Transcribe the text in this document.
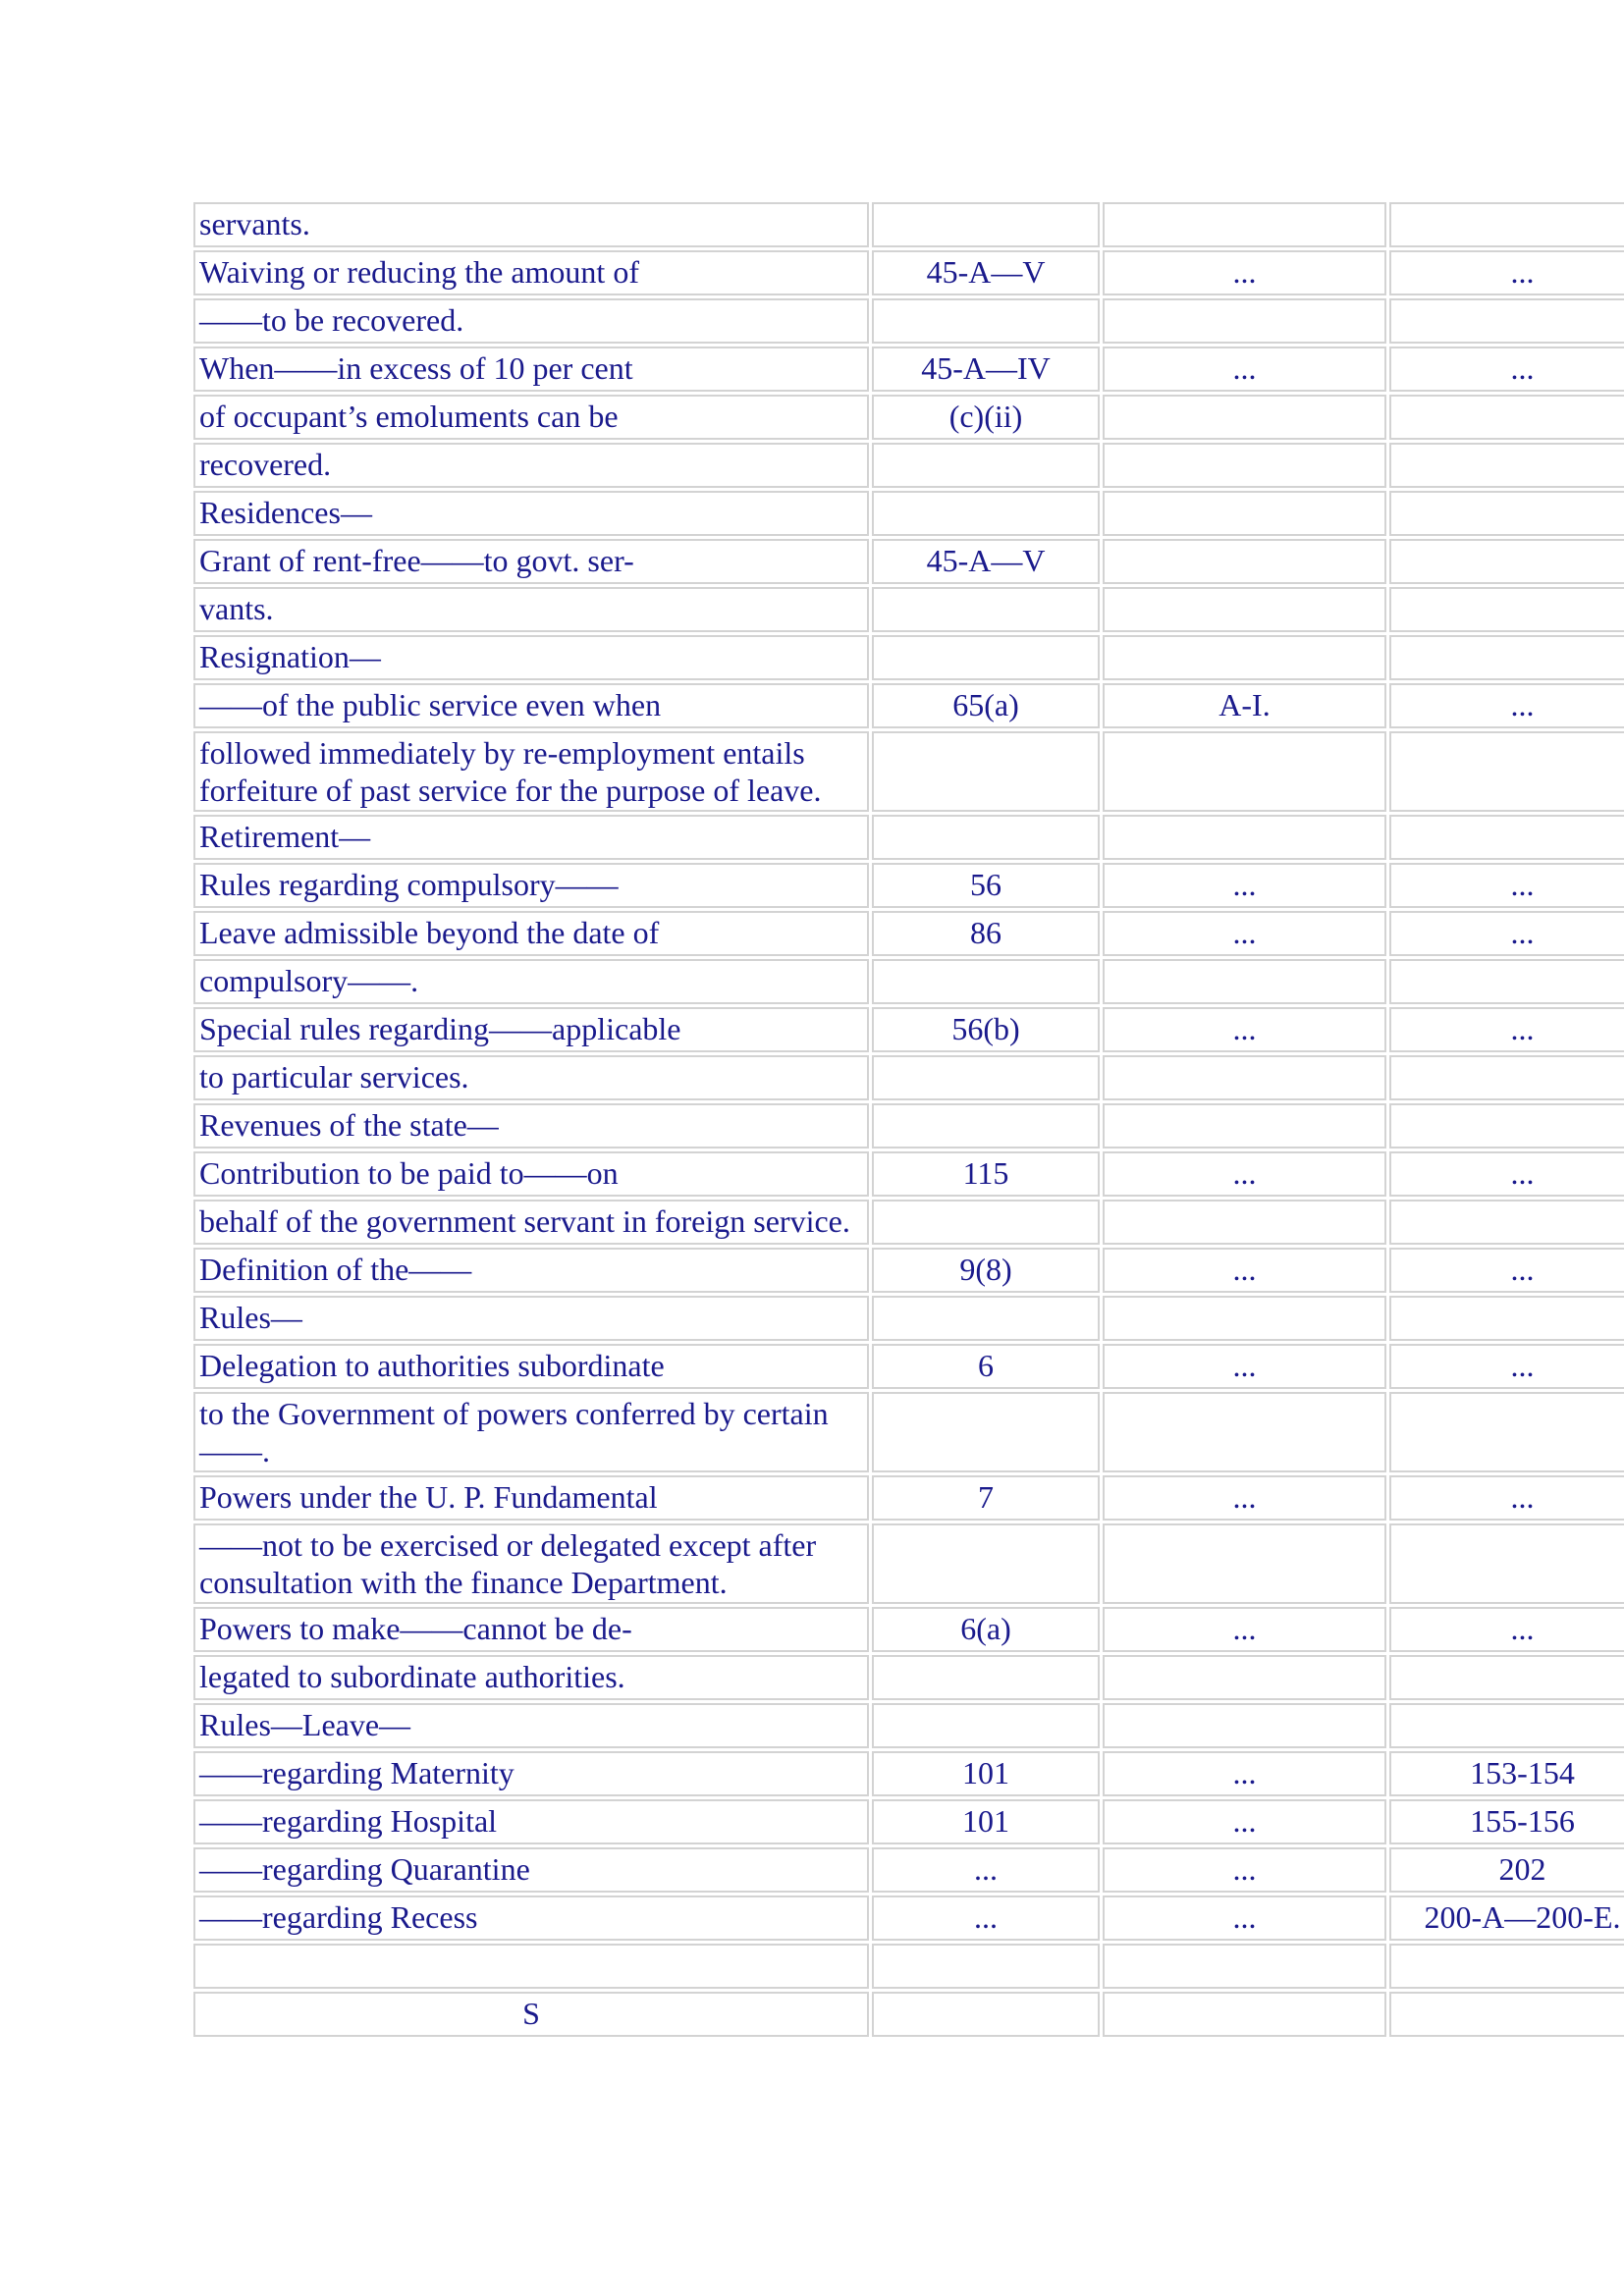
servants.			
Waiving or reducing the amount of	45-A—V	...	...
——to be recovered.			
When——in excess of 10 per cent	45-A—IV	...	...
of occupant’s emoluments can be	(c)(ii)		
recovered.			
Residences—			
Grant of rent-free——to govt. ser-	45-A—V		
vants.			
Resignation—			
——of the public service even when	65(a)	A-I.	...
followed immediately by re-employment entails forfeiture of past service for the purpose of leave.			
Retirement—			
Rules regarding compulsory——	56	...	...
Leave admissible beyond the date of	86	...	...
compulsory——.			
Special rules regarding——applicable	56(b)	...	...
to particular services.			
Revenues of the state—			
Contribution to be paid to——on	115	...	...
behalf of the government servant in foreign service.			
Definition of the——	9(8)	...	...
Rules—			
Delegation to authorities subordinate	6	...	...
to the Government of powers conferred by certain——.			
Powers under the U. P. Fundamental	7	...	...
——not to be exercised or delegated except after consultation with the finance Department.			
Powers to make——cannot be de-	6(a)	...	...
legated to subordinate authorities.			
Rules—Leave—			
——regarding Maternity	101	...	153-154
——regarding Hospital	101	...	155-156
——regarding Quarantine	...	...	202
——regarding Recess	...	...	200-A—200-E.

S			
